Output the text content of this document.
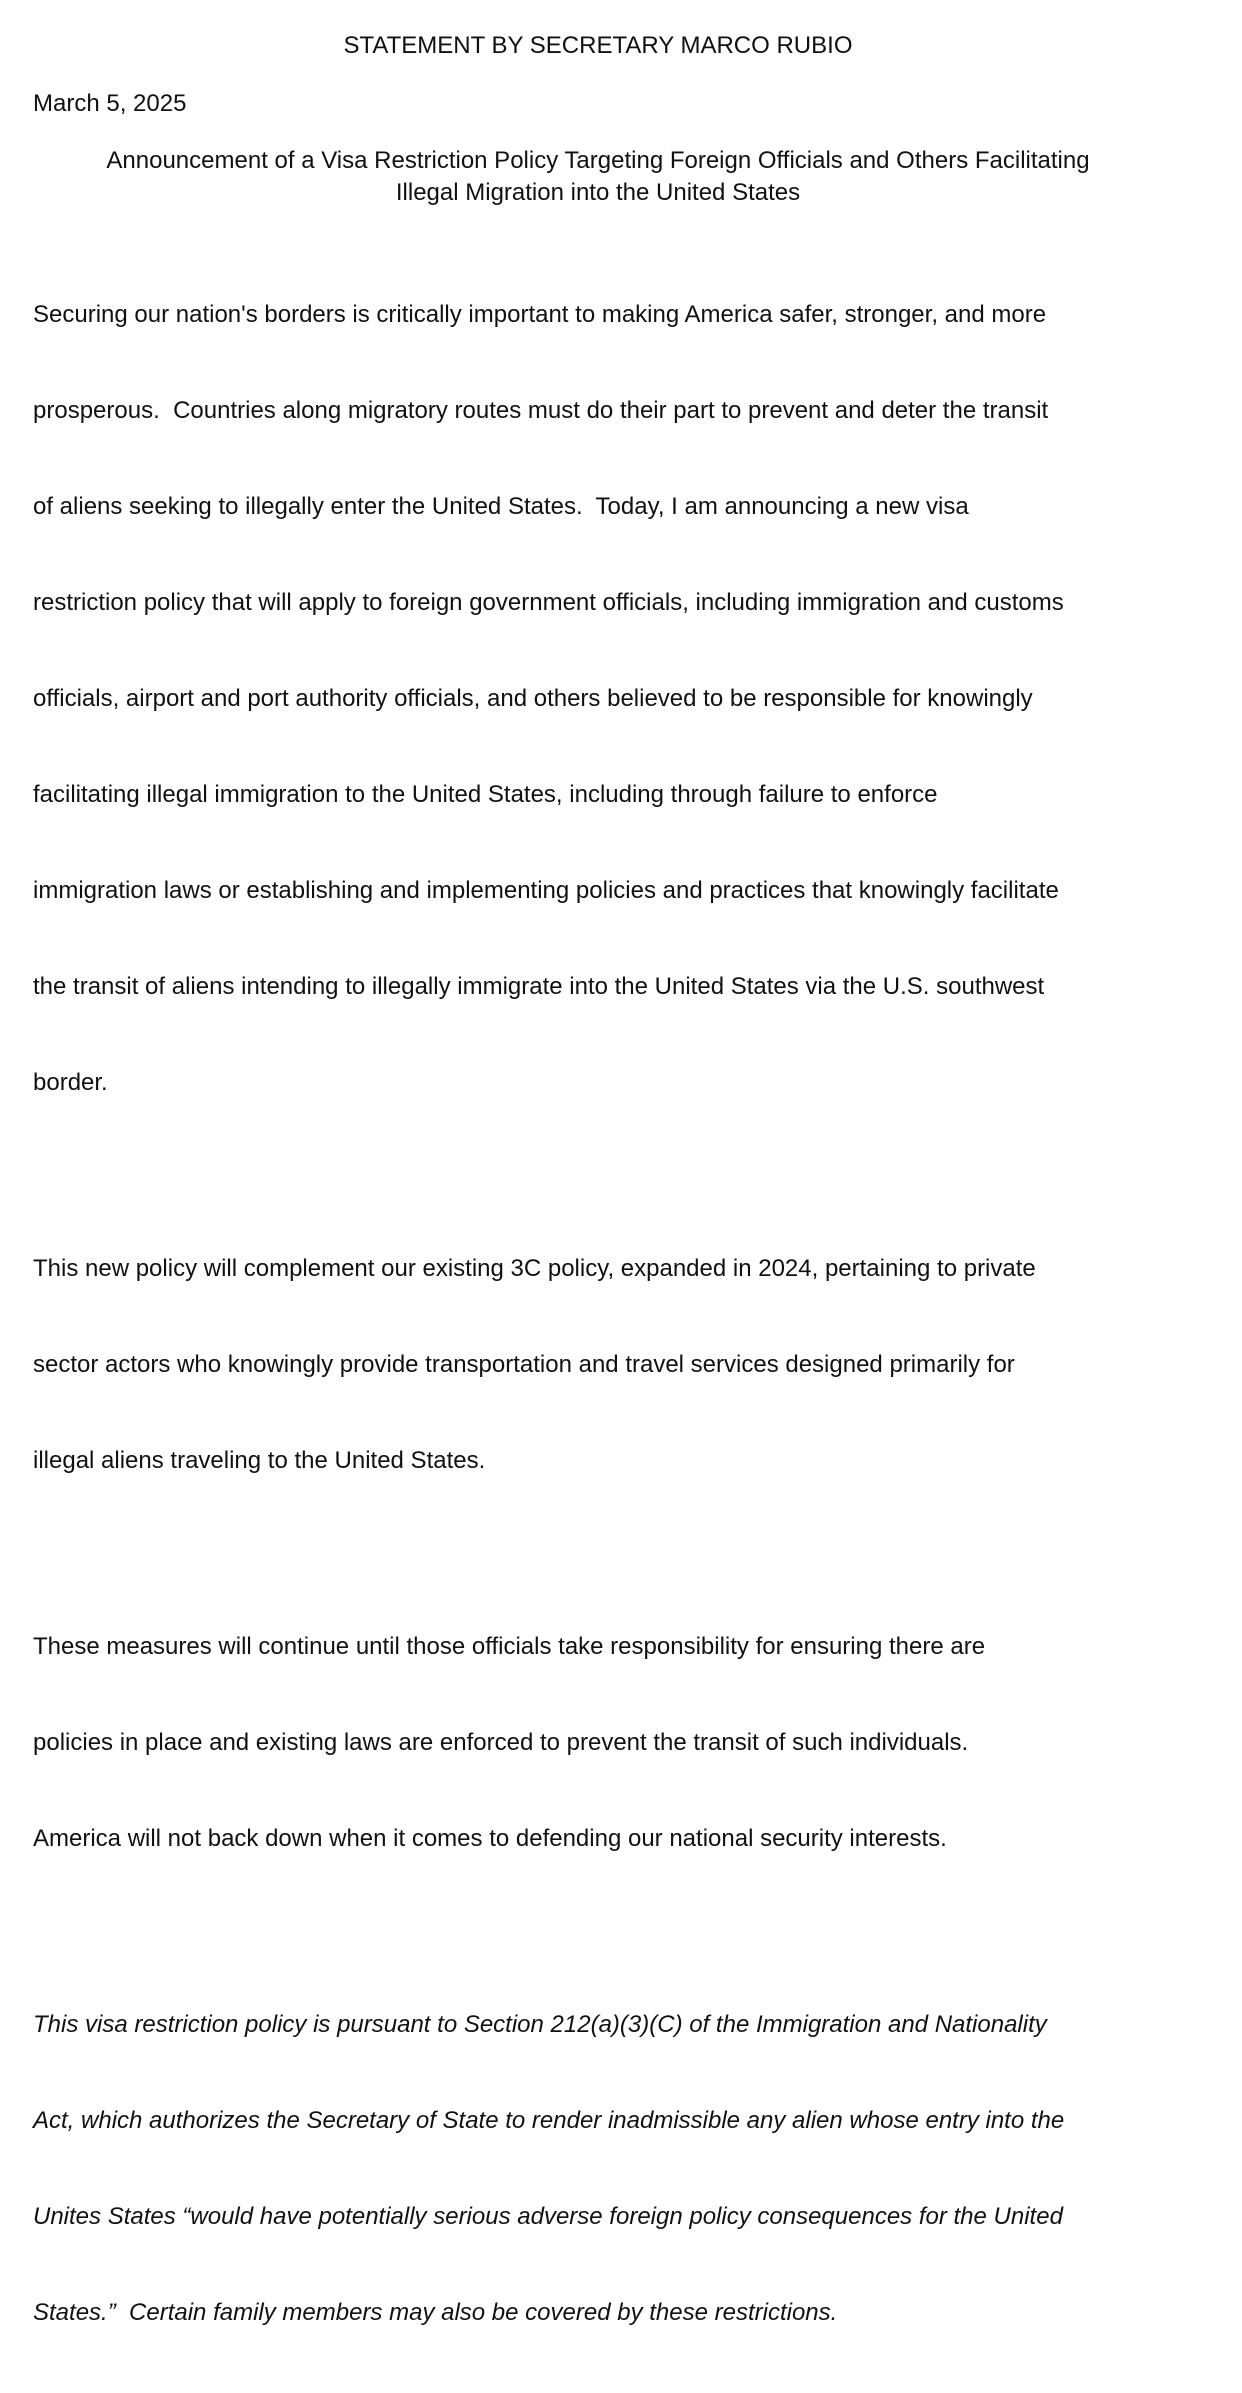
STATEMENT BY SECRETARY MARCO RUBIO
March 5, 2025
Announcement of a Visa Restriction Policy Targeting Foreign Officials and Others Facilitating
Illegal Migration into the United States

Securing our nation's borders is critically important to making America safer, stronger, and more

prosperous.  Countries along migratory routes must do their part to prevent and deter the transit

of aliens seeking to illegally enter the United States.  Today, I am announcing a new visa

restriction policy that will apply to foreign government officials, including immigration and customs

officials, airport and port authority officials, and others believed to be responsible for knowingly

facilitating illegal immigration to the United States, including through failure to enforce

immigration laws or establishing and implementing policies and practices that knowingly facilitate

the transit of aliens intending to illegally immigrate into the United States via the U.S. southwest

border.

This new policy will complement our existing 3C policy, expanded in 2024, pertaining to private

sector actors who knowingly provide transportation and travel services designed primarily for

illegal aliens traveling to the United States.

These measures will continue until those officials take responsibility for ensuring there are

policies in place and existing laws are enforced to prevent the transit of such individuals.

America will not back down when it comes to defending our national security interests.

This visa restriction policy is pursuant to Section 212(a)(3)(C) of the Immigration and Nationality

Act, which authorizes the Secretary of State to render inadmissible any alien whose entry into the

Unites States “would have potentially serious adverse foreign policy consequences for the United

States.”  Certain family members may also be covered by these restrictions.
